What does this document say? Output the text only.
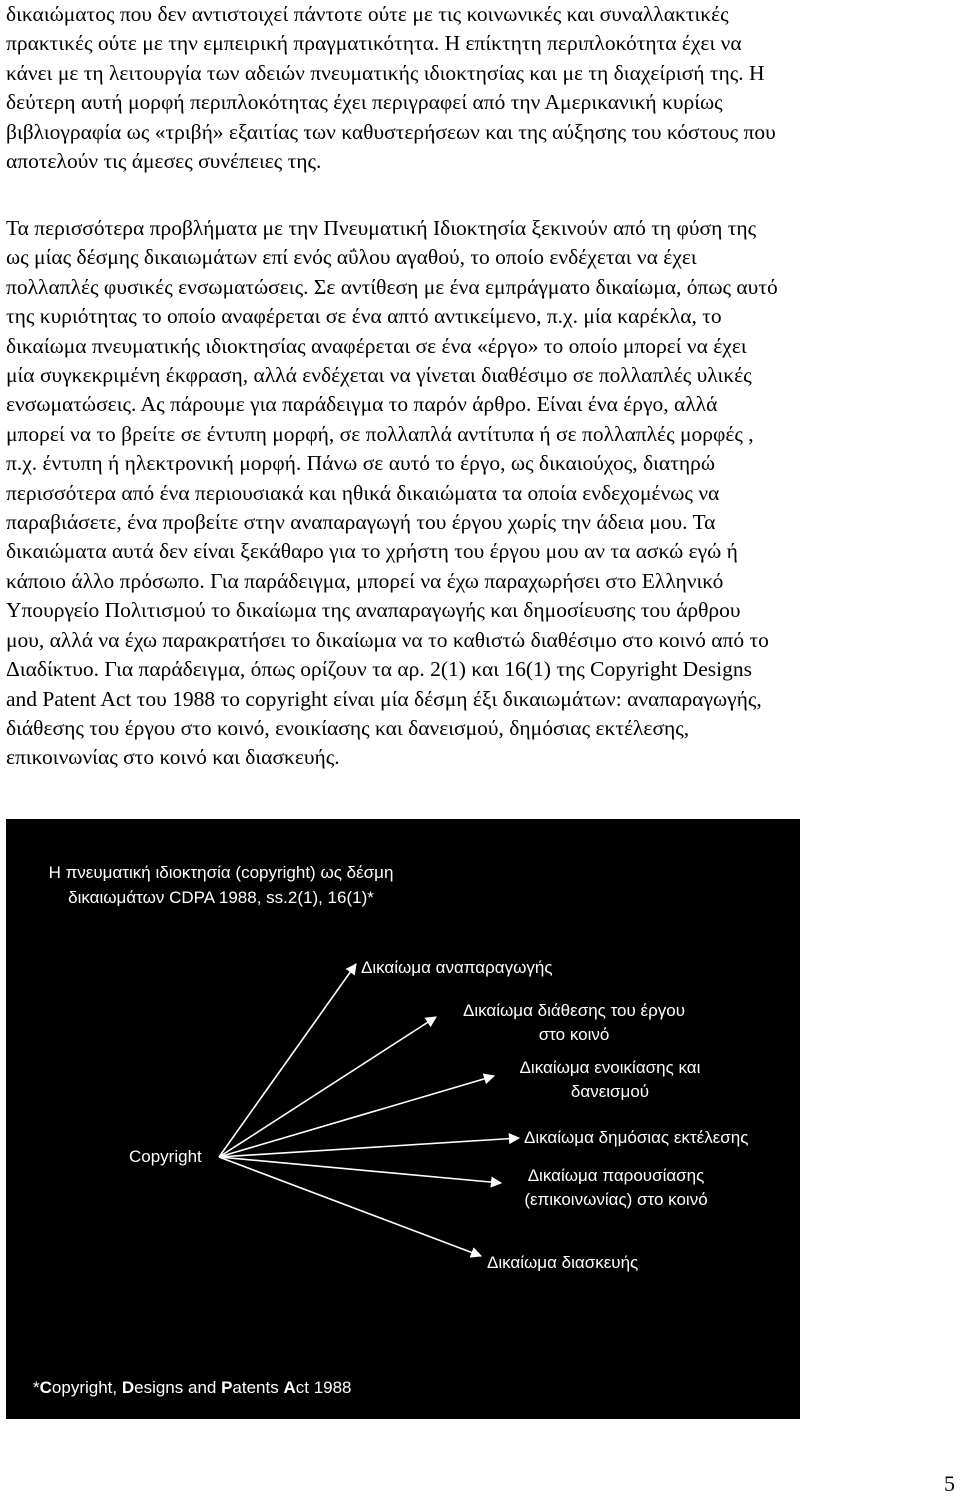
δικαιώματος που δεν αντιστοιχεί πάντοτε ούτε με τις κοινωνικές και συναλλακτικές
πρακτικές ούτε με την εμπειρική πραγματικότητα. Η επίκτητη περιπλοκότητα έχει να
κάνει με τη λειτουργία των αδειών πνευματικής ιδιοκτησίας και με τη διαχείρισή της. Η
δεύτερη αυτή μορφή περιπλοκότητας έχει περιγραφεί από την Αμερικανική κυρίως
βιβλιογραφία ως «τριβή» εξαιτίας των καθυστερήσεων και της αύξησης του κόστους που
αποτελούν τις άμεσες συνέπειες της.
Τα περισσότερα προβλήματα με την Πνευματική Ιδιοκτησία ξεκινούν από τη φύση της
ως μίας δέσμης δικαιωμάτων επί ενός αΰλου αγαθού, το οποίο ενδέχεται να έχει
πολλαπλές φυσικές ενσωματώσεις. Σε αντίθεση με ένα εμπράγματο δικαίωμα, όπως αυτό
της κυριότητας το οποίο αναφέρεται σε ένα απτό αντικείμενο, π.χ. μία καρέκλα, το
δικαίωμα πνευματικής ιδιοκτησίας αναφέρεται σε ένα «έργο» το οποίο μπορεί να έχει
μία συγκεκριμένη έκφραση, αλλά ενδέχεται να γίνεται διαθέσιμο σε πολλαπλές υλικές
ενσωματώσεις. Ας πάρουμε για παράδειγμα το παρόν άρθρο. Είναι ένα έργο, αλλά
μπορεί να το βρείτε σε έντυπη μορφή, σε πολλαπλά αντίτυπα ή σε πολλαπλές μορφές ,
π.χ. έντυπη ή ηλεκτρονική μορφή. Πάνω σε αυτό το έργο, ως δικαιούχος, διατηρώ
περισσότερα από ένα περιουσιακά και ηθικά δικαιώματα τα οποία ενδεχομένως να
παραβιάσετε, ένα προβείτε στην αναπαραγωγή του έργου χωρίς την άδεια μου. Τα
δικαιώματα αυτά δεν είναι ξεκάθαρο για το χρήστη του έργου μου αν τα ασκώ εγώ ή
κάποιο άλλο πρόσωπο. Για παράδειγμα, μπορεί να έχω παραχωρήσει στο Ελληνικό
Υπουργείο Πολιτισμού το δικαίωμα της αναπαραγωγής και δημοσίευσης του άρθρου
μου, αλλά να έχω παρακρατήσει το δικαίωμα να το καθιστώ διαθέσιμο στο κοινό από το
Διαδίκτυο. Για παράδειγμα, όπως ορίζουν τα αρ. 2(1) και 16(1) της Copyright Designs
and Patent Act του 1988 το copyright είναι μία δέσμη έξι δικαιωμάτων: αναπαραγωγής,
διάθεσης του έργου στο κοινό, ενοικίασης και δανεισμού, δημόσιας εκτέλεσης,
επικοινωνίας στο κοινό και διασκευής.
Η πνευματική ιδιοκτησία (copyright) ως δέσμη
δικαιωμάτων CDPA 1988, ss.2(1), 16(1)*
Copyright
Δικαίωμα αναπαραγωγής
Δικαίωμα διάθεσης του έργου
στο κοινό
Δικαίωμα ενοικίασης και
δανεισμού
Δικαίωμα δημόσιας εκτέλεσης
Δικαίωμα παρουσίασης
(επικοινωνίας) στο κοινό
Δικαίωμα διασκευής
*Copyright, Designs and Patents Act 1988
5
